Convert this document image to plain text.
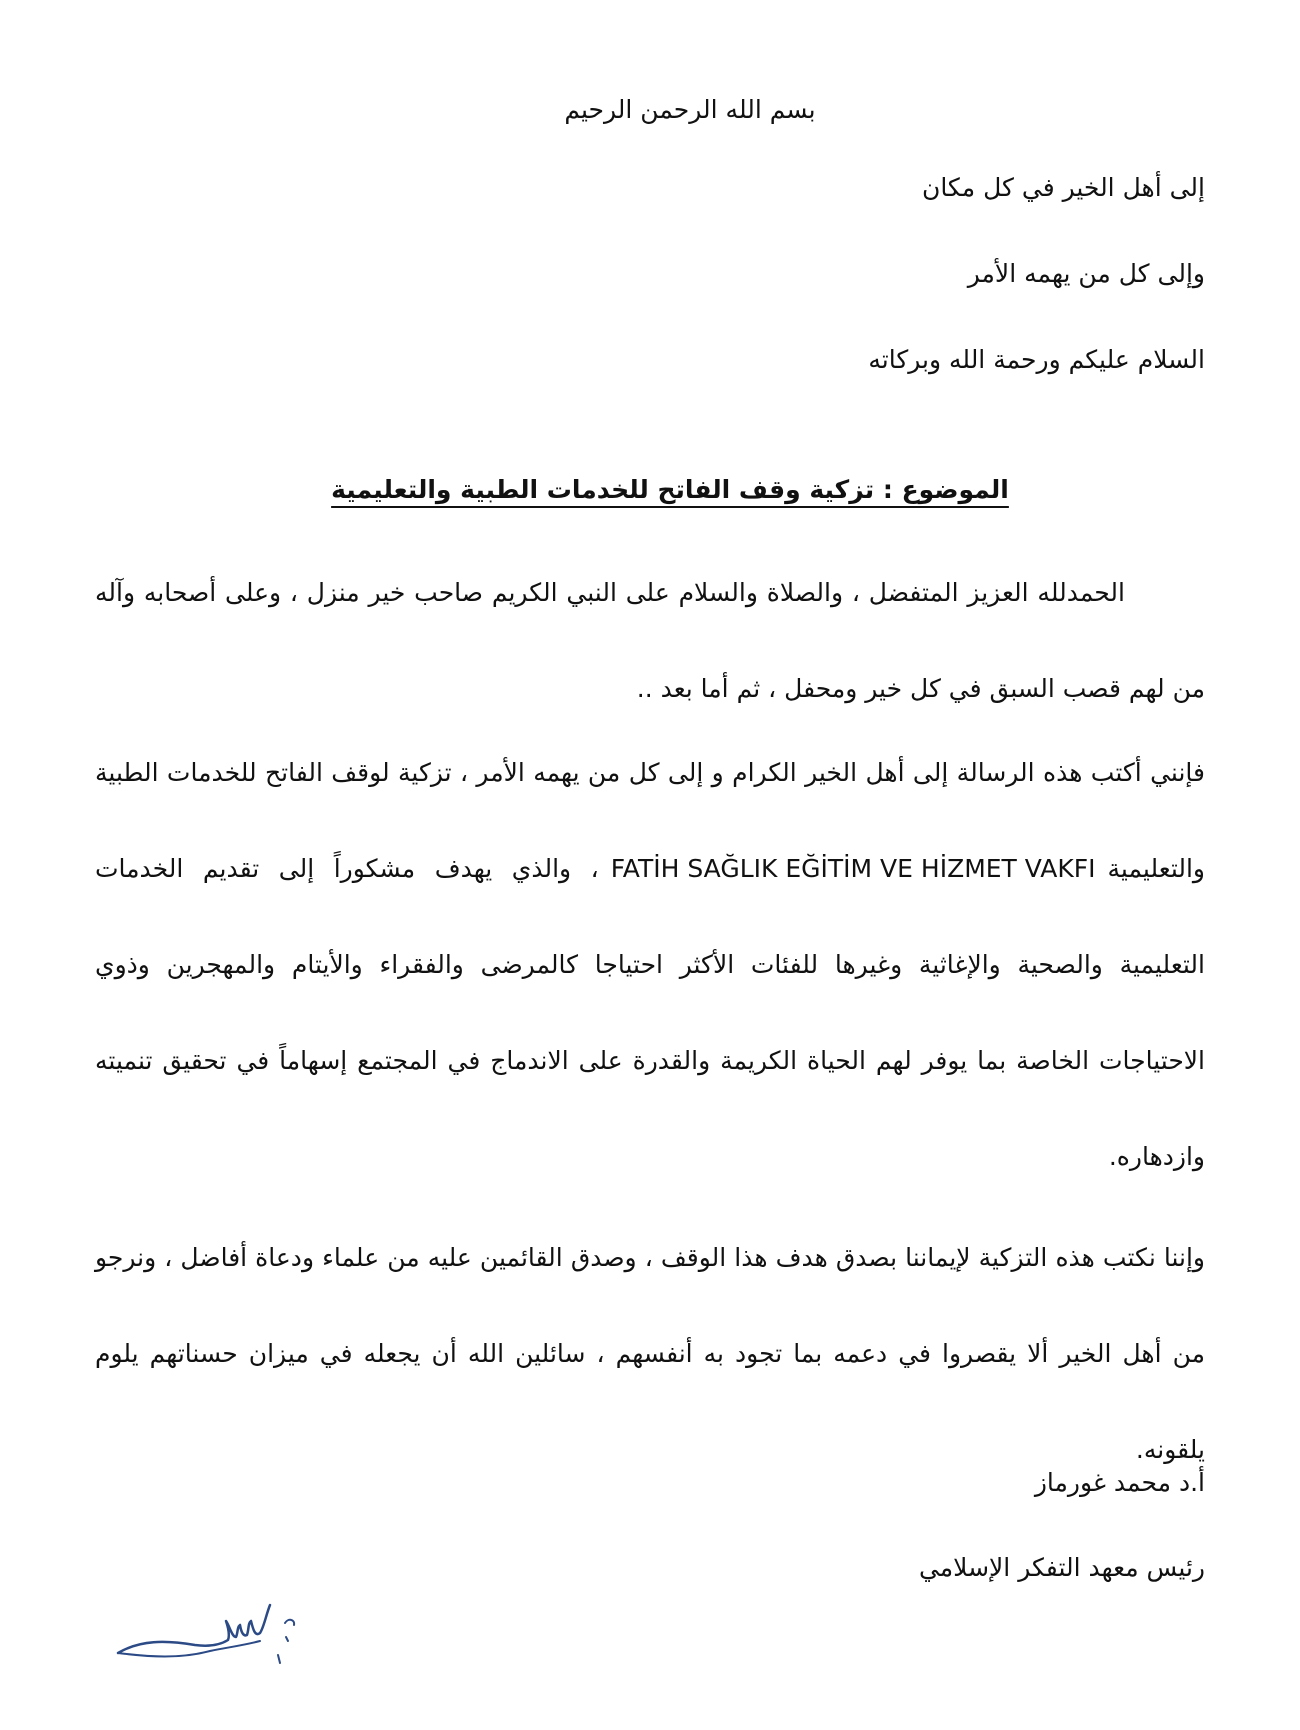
بسم الله الرحمن الرحيم
إلى أهل الخير في كل مكان
وإلى كل من يهمه الأمر
السلام عليكم ورحمة الله وبركاته
الموضوع : تزكية وقف الفاتح للخدمات الطبية والتعليمية

الحمدلله العزيز المتفضل ، والصلاة والسلام على النبي الكريم صاحب خير منزل ، وعلى أصحابه وآله من لهم قصب السبق في كل خير ومحفل ، ثم أما بعد ..

فإنني أكتب هذه الرسالة إلى أهل الخير الكرام و إلى كل من يهمه الأمر ، تزكية لوقف الفاتح للخدمات الطبية والتعليميةFATİH SAĞLIK EĞİTİM VE HİZMET VAKFI، والذي يهدف مشكوراً إلى تقديم الخدمات التعليمية والصحية والإغاثية وغيرها للفئات الأكثر احتياجا كالمرضى والفقراء والأيتام والمهجرين وذوي الاحتياجات الخاصة بما يوفر لهم الحياة الكريمة والقدرة على الاندماج في المجتمع إسهاماً في تحقيق تنميته وازدهاره.

وإننا نكتب هذه التزكية لإيماننا بصدق هدف هذا الوقف ، وصدق القائمين عليه من علماء ودعاة أفاضل ، ونرجو من أهل الخير ألا يقصروا في دعمه بما تجود به أنفسهم ، سائلين الله أن يجعله في ميزان حسناتهم يلوم يلقونه.

أ.د محمد غورماز
رئيس معهد التفكر الإسلامي
